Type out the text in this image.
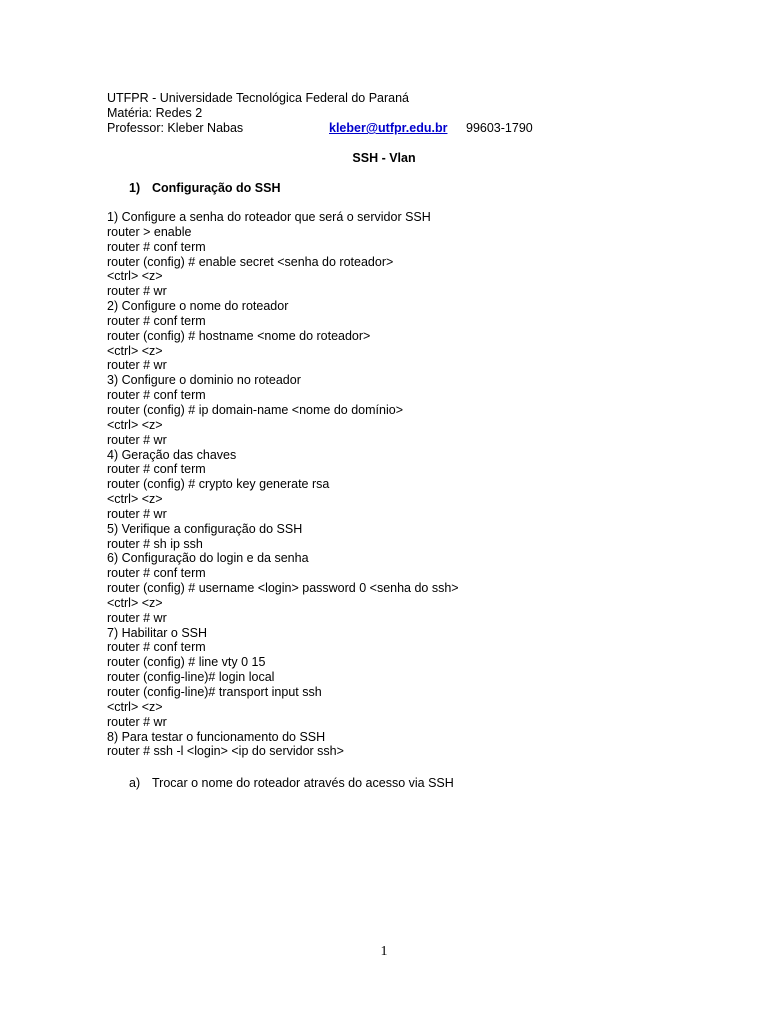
UTFPR - Universidade Tecnológica Federal do Paraná
Matéria: Redes 2
Professor: Kleber Nabas	kleber@utfpr.edu.br 99603-1790
SSH - Vlan
1) Configuração do SSH
1) Configure a senha do roteador que será o servidor SSH
router > enable
router # conf term
router (config) # enable secret <senha do roteador>
<ctrl> <z>
router # wr
2) Configure o nome do roteador
router # conf term
router (config) # hostname <nome do roteador>
<ctrl> <z>
router # wr
3) Configure o dominio no roteador
router # conf term
router (config) # ip domain-name <nome do domínio>
<ctrl> <z>
router # wr
4) Geração das chaves
router # conf term
router (config) # crypto key generate rsa
<ctrl> <z>
router # wr
5) Verifique a configuração do SSH
router # sh ip ssh
6) Configuração do login e da senha
router # conf term
router (config) # username <login> password 0 <senha do ssh>
<ctrl> <z>
router # wr
7) Habilitar o SSH
router # conf term
router (config) # line vty 0 15
router (config-line)# login local
router (config-line)# transport input ssh
<ctrl> <z>
router # wr
8) Para testar o funcionamento do SSH
router # ssh -l <login> <ip do servidor ssh>
a) Trocar o nome do roteador através do acesso via SSH
1
